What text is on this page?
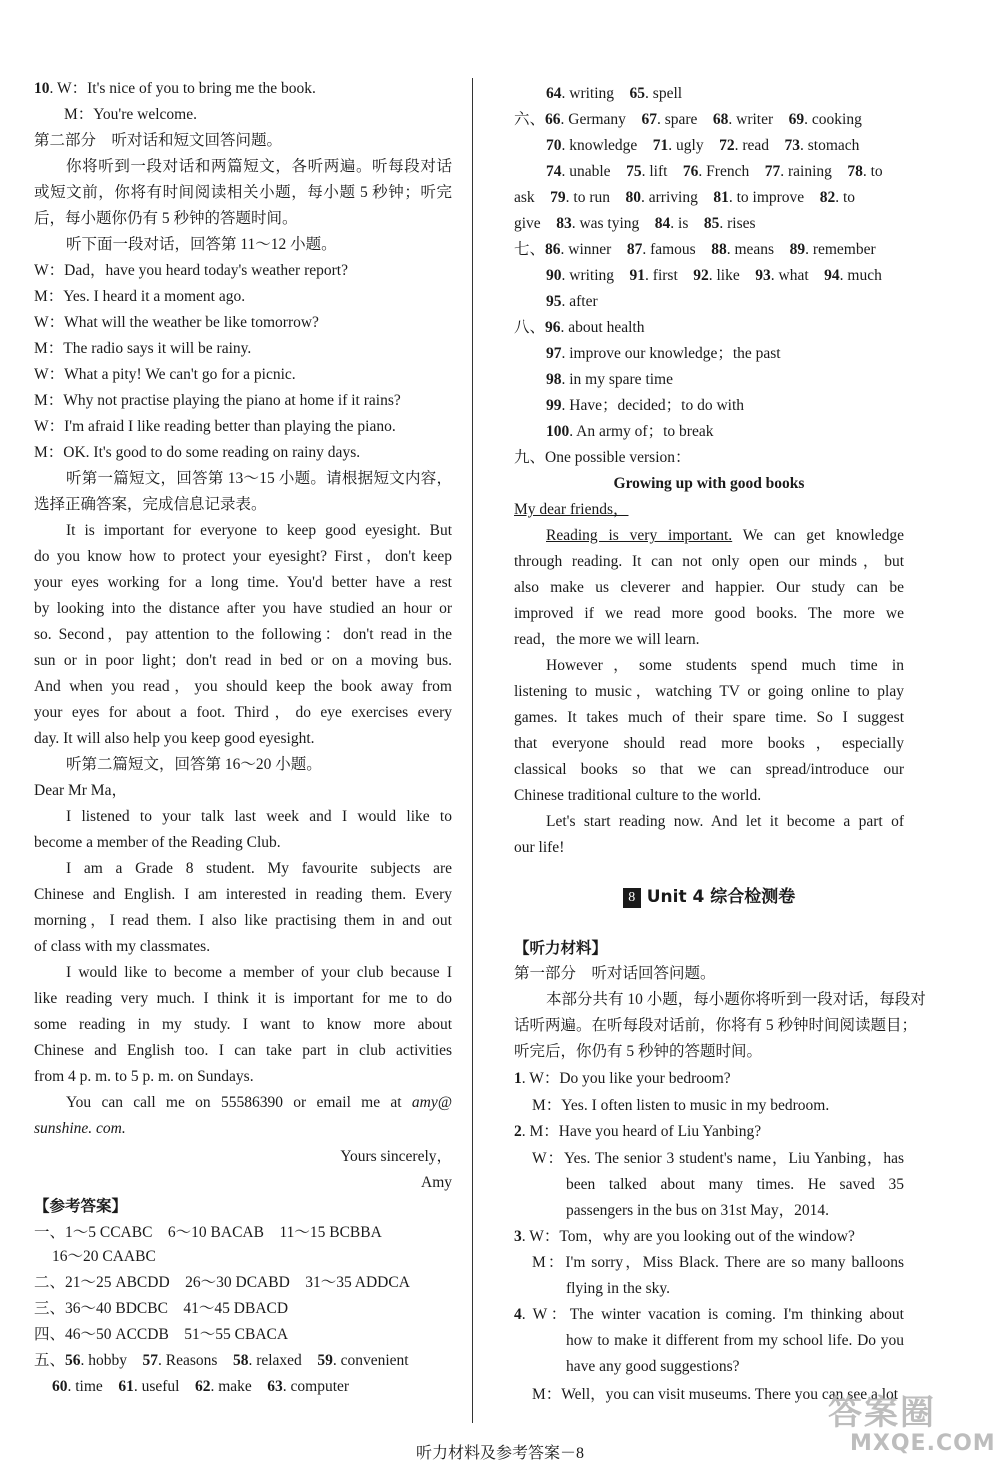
10. W：It's nice of you to bring me the book.
M：You're welcome.
第二部分　听对话和短文回答问题。
你将听到一段对话和两篇短文，各听两遍。听每段对话
或短文前，你将有时间阅读相关小题，每小题 5 秒钟；听完
后，每小题你仍有 5 秒钟的答题时间。
听下面一段对话，回答第 11～12 小题。
W：Dad，have you heard today's weather report?
M：Yes. I heard it a moment ago.
W：What will the weather be like tomorrow?
M：The radio says it will be rainy.
W：What a pity! We can't go for a picnic.
M：Why not practise playing the piano at home if it rains?
W：I'm afraid I like reading better than playing the piano.
M：OK. It's good to do some reading on rainy days.
听第一篇短文，回答第 13～15 小题。请根据短文内容，
选择正确答案，完成信息记录表。
It is important for everyone to keep good eyesight. But
do you know how to protect your eyesight? First，don't keep
your eyes working for a long time. You'd better have a rest
by looking into the distance after you have studied an hour or
so. Second，pay attention to the following：don't read in the
sun or in poor light；don't read in bed or on a moving bus.
And when you read，you should keep the book away from
your eyes for about a foot. Third，do eye exercises every
day. It will also help you keep good eyesight.
听第二篇短文，回答第 16～20 小题。
Dear Mr Ma，
I listened to your talk last week and I would like to
become a member of the Reading Club.
I am a Grade 8 student. My favourite subjects are
Chinese and English. I am interested in reading them. Every
morning，I read them. I also like practising them in and out
of class with my classmates.
I would like to become a member of your club because I
like reading very much. I think it is important for me to do
some reading in my study. I want to know more about
Chinese and English too. I can take part in club activities
from 4 p. m. to 5 p. m. on Sundays.
You can call me on 55586390 or email me at amy@
sunshine. com.
Yours sincerely，
Amy
【参考答案】
一、1～5 CCABC　6～10 BACAB　11～15 BCBBA
16～20 CAABC
二、21～25 ABCDD　26～30 DCABD　31～35 ADDCA
三、36～40 BDCBC　41～45 DBACD
四、46～50 ACCDB　51～55 CBACA
五、56. hobby　57. Reasons　58. relaxed　59. convenient
60. time　61. useful　62. make　63. computer
64. writing　65. spell
六、66. Germany　67. spare　68. writer　69. cooking
70. knowledge　71. ugly　72. read　73. stomach
74. unable　75. lift　76. French　77. raining　78. to
ask　79. to run　80. arriving　81. to improve　82. to
give　83. was tying　84. is　85. rises
七、86. winner　87. famous　88. means　89. remember
90. writing　91. first　92. like　93. what　94. much
95. after
八、96. about health
97. improve our knowledge；the past
98. in my spare time
99. Have；decided；to do with
100. An army of；to break
九、One possible version：
Growing up with good books
My dear friends，
Reading is very important. We can get knowledge
through reading. It can not only open our minds，but
also make us cleverer and happier. Our study can be
improved if we read more good books. The more we
read，the more we will learn.
However，some students spend much time in
listening to music，watching TV or going online to play
games. It takes much of their spare time. So I suggest
that everyone should read more books，especially
classical books so that we can spread/introduce our
Chinese traditional culture to the world.
Let's start reading now. And let it become a part of
our life!
8 Unit 4 综合检测卷
【听力材料】
第一部分　听对话回答问题。
本部分共有 10 小题，每小题你将听到一段对话，每段对
话听两遍。在听每段对话前，你将有 5 秒钟时间阅读题目；
听完后，你仍有 5 秒钟的答题时间。
1. W：Do you like your bedroom?
M：Yes. I often listen to music in my bedroom.
2. M：Have you heard of Liu Yanbing?
W：Yes. The senior 3 student's name，Liu Yanbing，has
been talked about many times. He saved 35
passengers in the bus on 31st May，2014.
3. W：Tom，why are you looking out of the window?
M：I'm sorry，Miss Black. There are so many balloons
flying in the sky.
4. W：The winter vacation is coming. I'm thinking about
how to make it different from my school life. Do you
have any good suggestions?
M：Well，you can visit museums. There you can see a lot
听力材料及参考答案－8
答案圈
MXQE.COM
